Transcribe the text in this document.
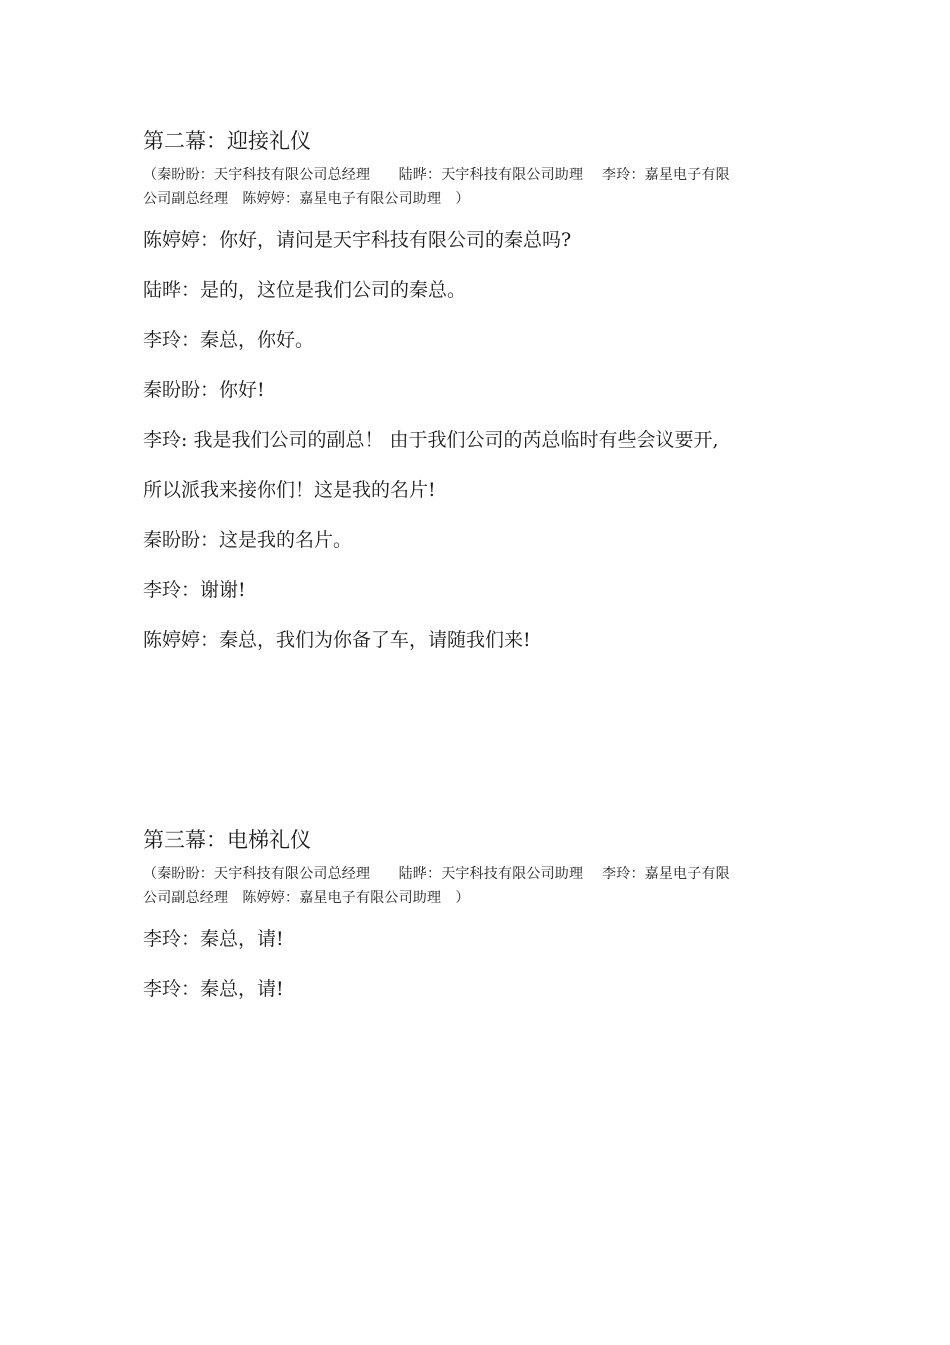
第二幕：迎接礼仪
（秦盼盼：天宇科技有限公司总经理　　陆晔：天宇科技有限公司助理　 李玲：嘉星电子有限
公司副总经理　陈婷婷：嘉星电子有限公司助理　）

陈婷婷：你好，请问是天宇科技有限公司的秦总吗?

陆晔：是的，这位是我们公司的秦总。

李玲：秦总，你好。

秦盼盼：你好!

李玲: 我是我们公司的副总！ 由于我们公司的芮总临时有些会议要开,

所以派我来接你们！这是我的名片!

秦盼盼：这是我的名片。

李玲：谢谢!

陈婷婷：秦总，我们为你备了车，请随我们来!

第三幕：电梯礼仪
（秦盼盼：天宇科技有限公司总经理　　陆晔：天宇科技有限公司助理　 李玲：嘉星电子有限
公司副总经理　陈婷婷：嘉星电子有限公司助理　）

李玲：秦总，请!

李玲：秦总，请!
